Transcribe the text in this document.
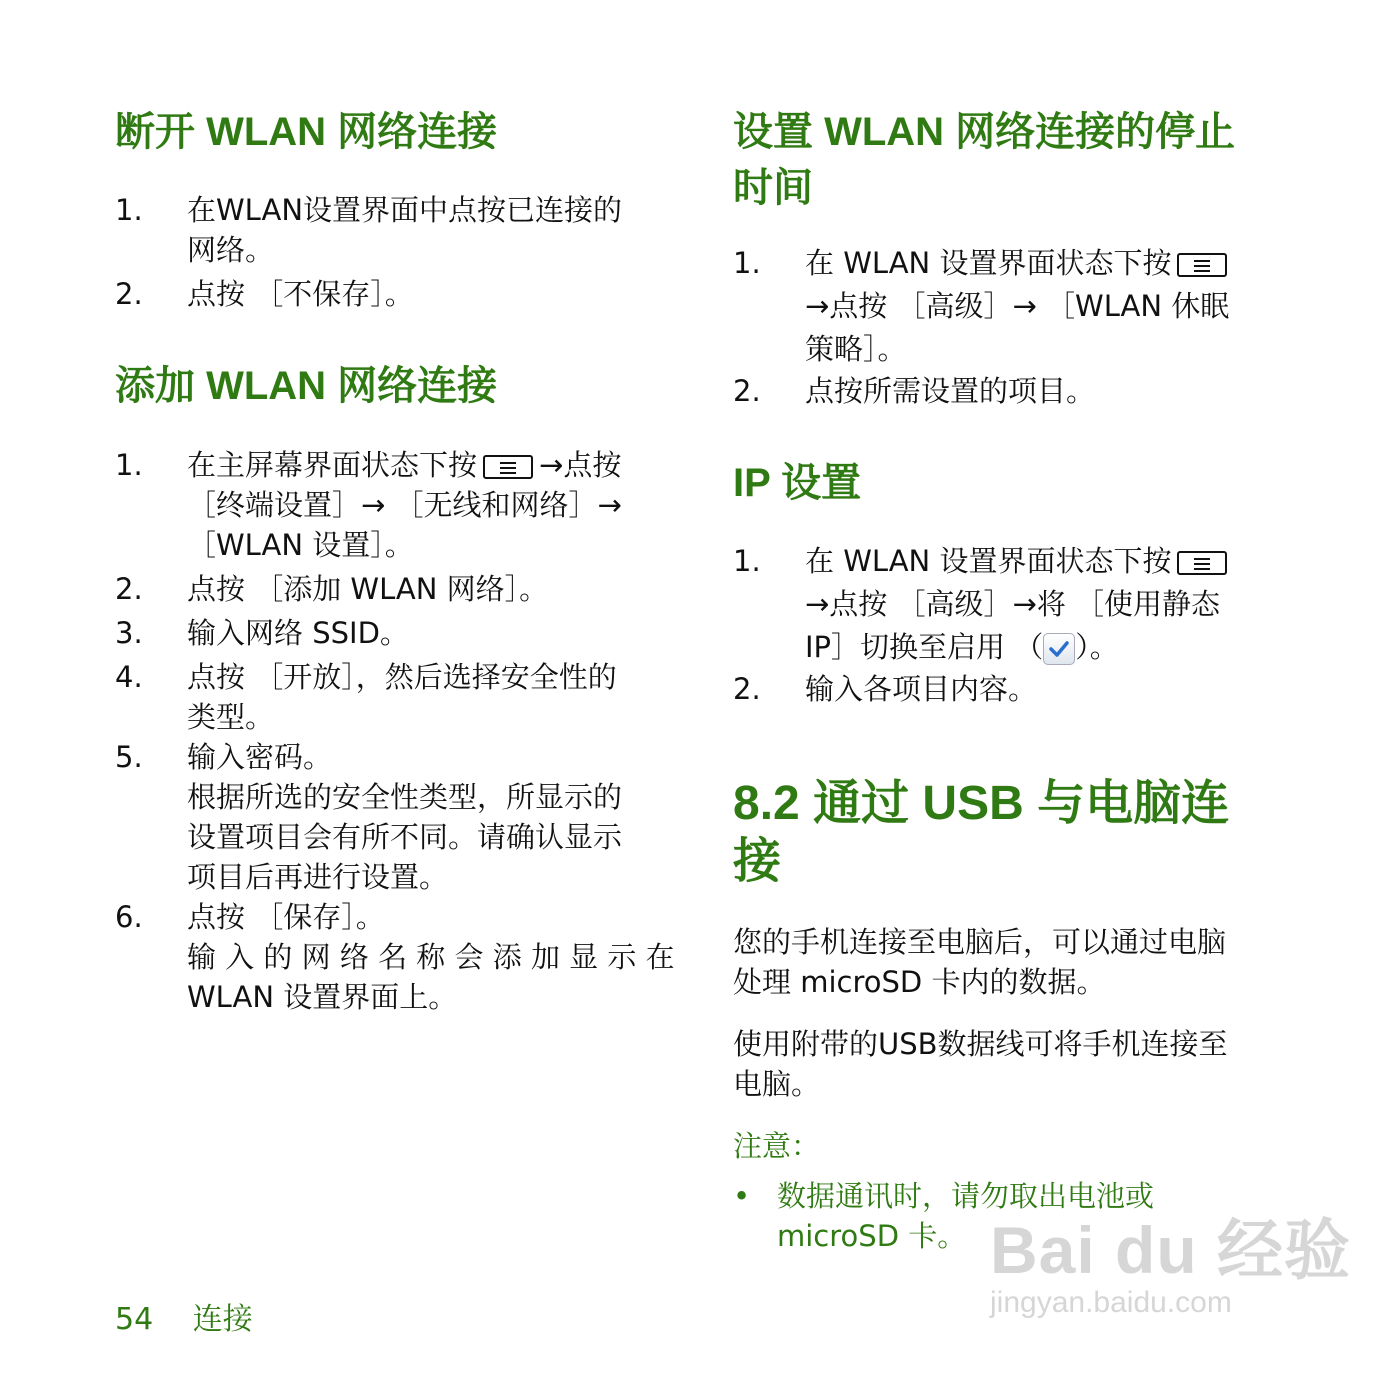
断开 WLAN 网络连接
1. 在WLAN设置界面中点按已连接的
网络。
2. 点按 ［不保存］。
添加 WLAN 网络连接
1. 在主屏幕界面状态下按 →点按
［终端设置］→ ［无线和网络］→
［WLAN 设置］。
2. 点按 ［添加 WLAN 网络］。
3. 输入网络 SSID。
4. 点按 ［开放］，然后选择安全性的
类型。
5. 输入密码。
根据所选的安全性类型，所显示的
设置项目会有所不同。请确认显示
项目后再进行设置。
6. 点按 ［保存］。
输 入 的 网 络 名 称 会 添 加 显 示 在
WLAN 设置界面上。
设置 WLAN 网络连接的停止
时间
1. 在 WLAN 设置界面状态下按
→点按 ［高级］→ ［WLAN 休眠
策略］。
2. 点按所需设置的项目。
IP 设置
1. 在 WLAN 设置界面状态下按
→点按 ［高级］→将 ［使用静态
IP］切换至启用 （ ）。
2. 输入各项目内容。
8.2 通过 USB 与电脑连
接

您的手机连接至电脑后，可以通过电脑

处理 microSD 卡内的数据。

使用附带的USB数据线可将手机连接至

电脑。

注意：

• 数据通讯时，请勿取出电池或
microSD 卡。
54 连接
Bai du 经验
jingyan.baidu.com
